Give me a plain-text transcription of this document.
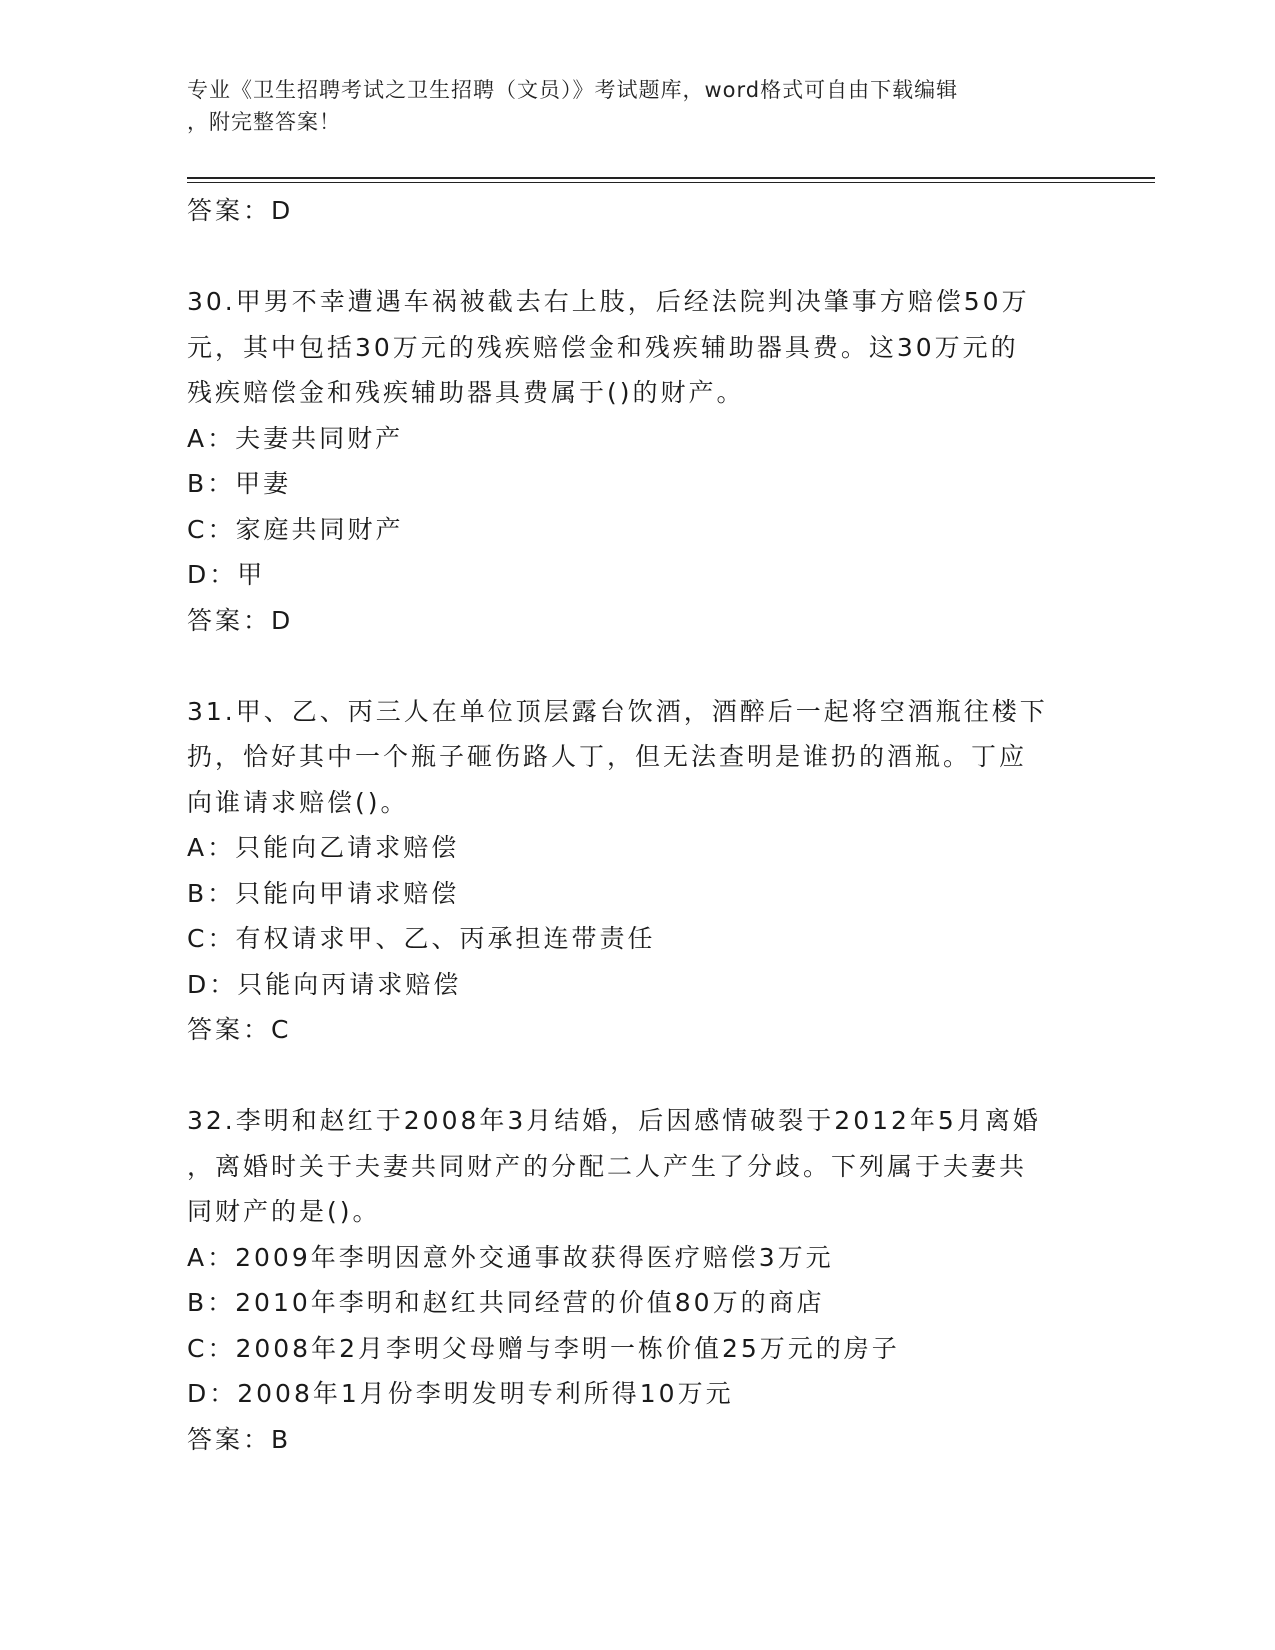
专业《卫生招聘考试之卫生招聘（文员）》考试题库，word格式可自由下载编辑
，附完整答案！
答案：D
30.甲男不幸遭遇车祸被截去右上肢，后经法院判决肇事方赔偿50万
元，其中包括30万元的残疾赔偿金和残疾辅助器具费。这30万元的
残疾赔偿金和残疾辅助器具费属于()的财产。
A：夫妻共同财产
B：甲妻
C：家庭共同财产
D：甲
答案：D
31.甲、乙、丙三人在单位顶层露台饮酒，酒醉后一起将空酒瓶往楼下
扔，恰好其中一个瓶子砸伤路人丁，但无法查明是谁扔的酒瓶。丁应
向谁请求赔偿()。
A：只能向乙请求赔偿
B：只能向甲请求赔偿
C：有权请求甲、乙、丙承担连带责任
D：只能向丙请求赔偿
答案：C
32.李明和赵红于2008年3月结婚，后因感情破裂于2012年5月离婚
，离婚时关于夫妻共同财产的分配二人产生了分歧。下列属于夫妻共
同财产的是()。
A：2009年李明因意外交通事故获得医疗赔偿3万元
B：2010年李明和赵红共同经营的价值80万的商店
C：2008年2月李明父母赠与李明一栋价值25万元的房子
D：2008年1月份李明发明专利所得10万元
答案：B
